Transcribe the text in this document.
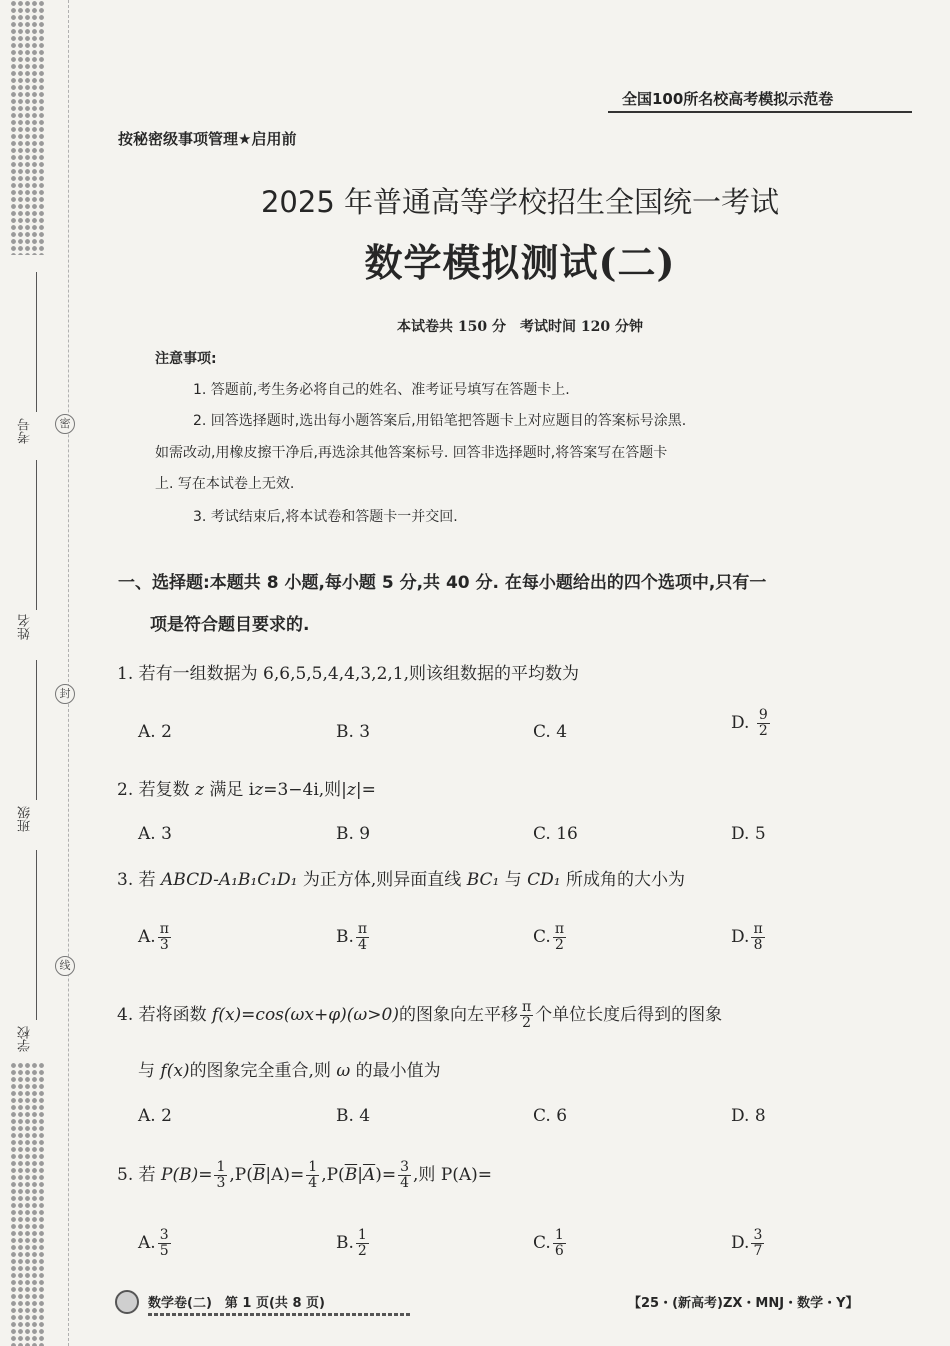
考号
姓名
班级
学校
密
封
线
全国100所名校高考模拟示范卷
按秘密级事项管理★启用前
2025 年普通高等学校招生全国统一考试
数学模拟测试(二)
本试卷共 150 分　考试时间 120 分钟
注意事项:
1. 答题前,考生务必将自己的姓名、准考证号填写在答题卡上.
2. 回答选择题时,选出每小题答案后,用铅笔把答题卡上对应题目的答案标号涂黑.
如需改动,用橡皮擦干净后,再选涂其他答案标号. 回答非选择题时,将答案写在答题卡
上. 写在本试卷上无效.
3. 考试结束后,将本试卷和答题卡一并交回.
一、选择题:本题共 8 小题,每小题 5 分,共 40 分. 在每小题给出的四个选项中,只有一
项是符合题目要求的.
1. 若有一组数据为 6,6,5,5,4,4,3,2,1,则该组数据的平均数为
A. 2	B. 3	C. 4	D. $\frac{9}{2}$
2. 若复数 z 满足 iz=3−4i,则|z|=
A. 3	B. 9	C. 16	D. 5
3. 若 ABCD-A₁B₁C₁D₁ 为正方体,则异面直线 BC₁ 与 CD₁ 所成角的大小为
A. $\frac{\pi}{3}$	B. $\frac{\pi}{4}$	C. $\frac{\pi}{2}$	D. $\frac{\pi}{8}$
4. 若将函数 f(x)=cos(ωx+φ)(ω>0)的图象向左平移 $\frac{\pi}{2}$ 个单位长度后得到的图象
与 f(x)的图象完全重合,则 ω 的最小值为
A. 2	B. 4	C. 6	D. 8
5. 若 $P(B)= \frac{1}{3} ,P(\overline{B}|A)= \frac{1}{4} ,P(\overline{B}|\overline{A})= \frac{3}{4}$ ,则 P(A)=
A. $\frac{3}{5}$	B. $\frac{1}{2}$	C. $\frac{1}{6}$	D. $\frac{3}{7}$
数学卷(二)　第 1 页(共 8 页)	【25・(新高考)ZX・MNJ・数学・Y】
